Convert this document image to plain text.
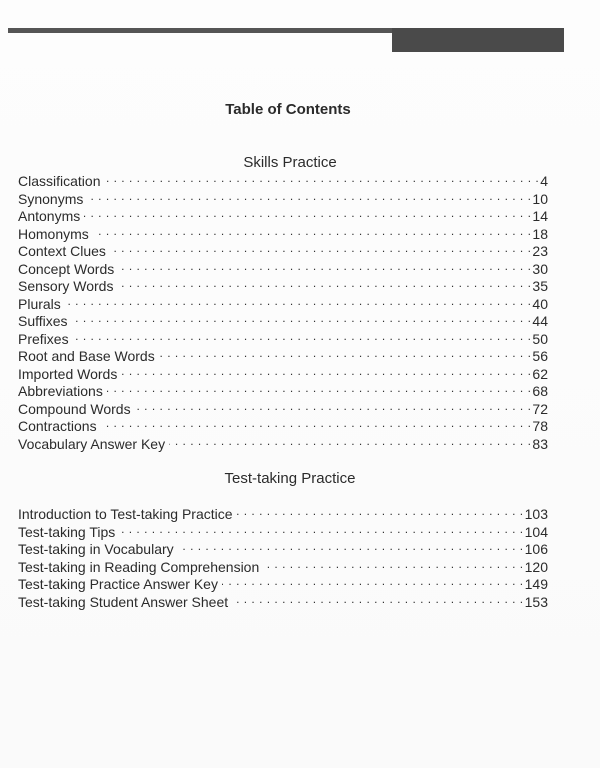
Table of Contents
Skills Practice
Classification . . .	4
Synonyms . . .	10
Antonyms . . .	14
Homonyms . . .	18
Context Clues . . .	23
Concept Words . . .	30
Sensory Words . . .	35
Plurals . . .	40
Suffixes . . .	44
Prefixes . . .	50
Root and Base Words . . .	56
Imported Words . . .	62
Abbreviations . . .	68
Compound Words . . .	72
Contractions . . .	78
Vocabulary Answer Key . . .	83
Test-taking Practice
Introduction to Test-taking Practice . . .	103
Test-taking Tips . . .	104
Test-taking in Vocabulary . . .	106
Test-taking in Reading Comprehension . . .	120
Test-taking Practice Answer Key . . .	149
Test-taking Student Answer Sheet . . .	153
